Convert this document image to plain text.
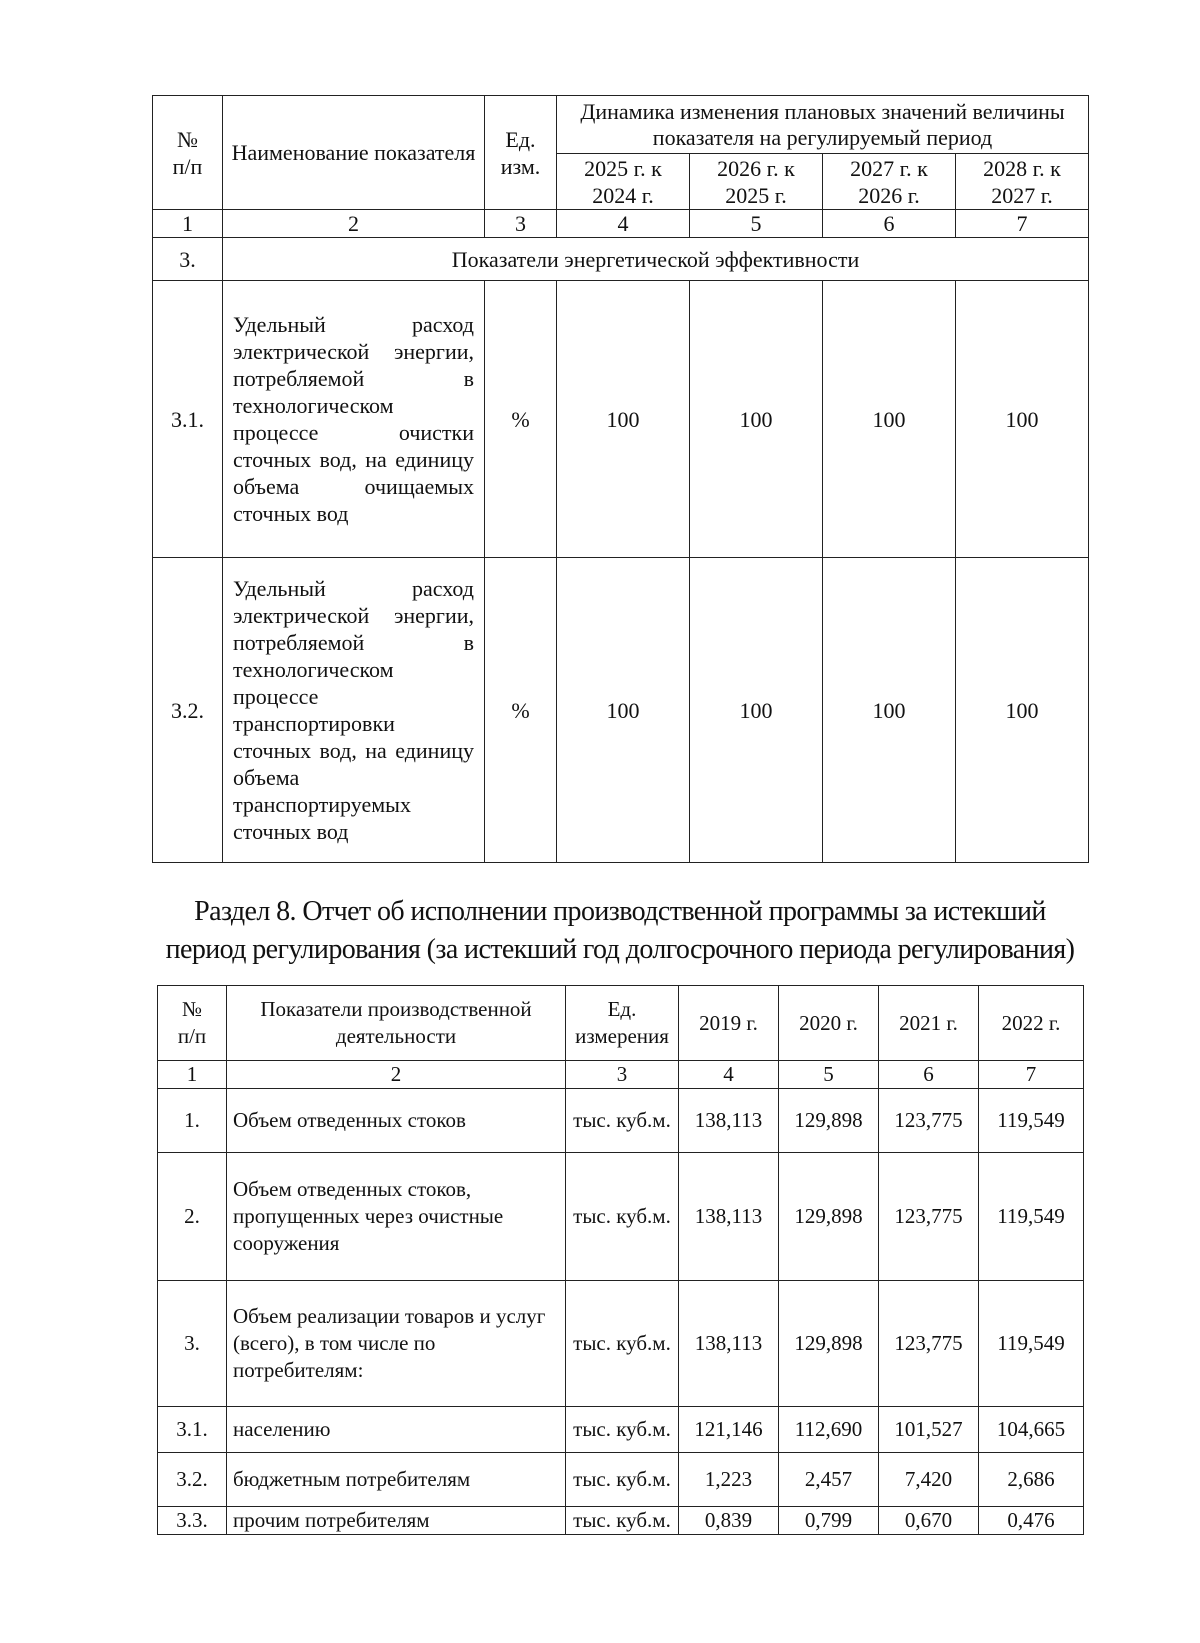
№
п/п	Наименование показателя	Ед. изм.	Динамика изменения плановых значений величины показателя на регулируемый период			
			2025 г. к 2024 г.	2026 г. к 2025 г.	2027 г. к 2026 г.	2028 г. к 2027 г.
1	2	3	4	5	6	7
3.	Показатели энергетической эффективности					
3.1.	Удельный расход электрической энергии, потребляемой в технологическом процессе очистки сточных вод, на единицу объема очищаемых сточных вод	%	100	100	100	100
3.2.	Удельный расход электрической энергии, потребляемой в технологическом процессе транспортировки сточных вод, на единицу объема транспортируемых сточных вод	%	100	100	100	100
Раздел 8. Отчет об исполнении производственной программы за истекший
период регулирования (за истекший год долгосрочного периода регулирования)
№
п/п	Показатели производственной деятельности	Ед. измерения	2019 г.	2020 г.	2021 г.	2022 г.
1	2	3	4	5	6	7
1.	Объем отведенных стоков	тыс. куб.м.	138,113	129,898	123,775	119,549
2.	Объем отведенных стоков, пропущенных через очистные сооружения	тыс. куб.м.	138,113	129,898	123,775	119,549
3.	Объем реализации товаров и услуг (всего), в том числе по потребителям:	тыс. куб.м.	138,113	129,898	123,775	119,549
3.1.	населению	тыс. куб.м.	121,146	112,690	101,527	104,665
3.2.	бюджетным потребителям	тыс. куб.м.	1,223	2,457	7,420	2,686
3.3.	прочим потребителям	тыс. куб.м.	0,839	0,799	0,670	0,476
